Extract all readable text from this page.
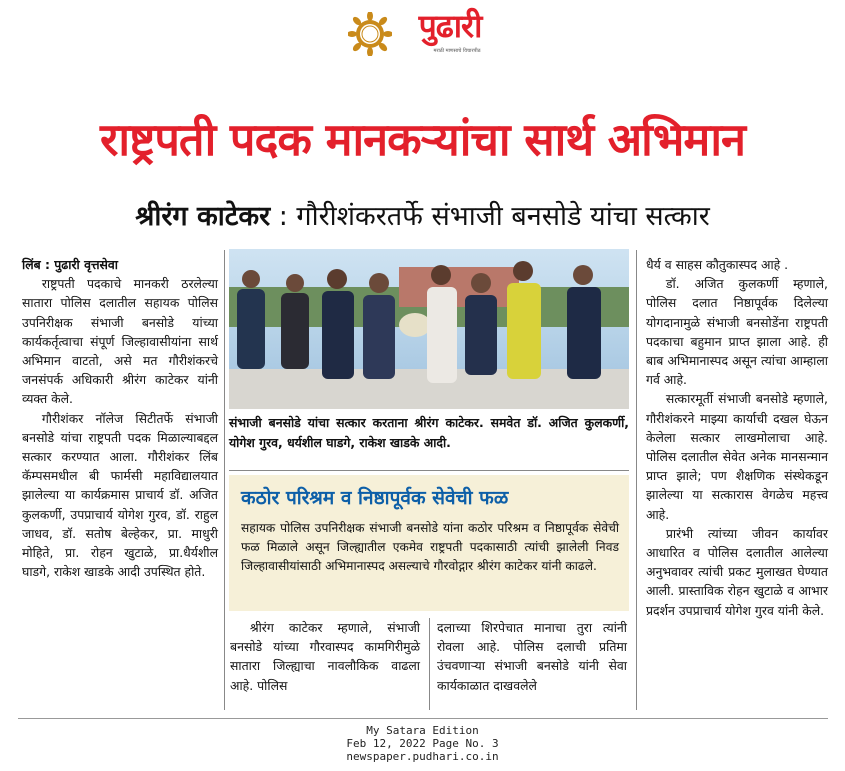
पुढारी
मराठी माणसाचे विचारपीठ
राष्ट्रपती पदक मानकऱ्यांचा सार्थ अभिमान
श्रीरंग काटेकर : गौरीशंकरतर्फे संभाजी बनसोडे यांचा सत्कार

लिंब : पुढारी वृत्तसेवा

राष्ट्रपती पदकाचे मानकरी ठरलेल्या सातारा पोलिस दलातील सहायक पोलिस उपनिरीक्षक संभाजी बनसोडे यांच्या कार्यकर्तृत्वाचा संपूर्ण जिल्हावासीयांना सार्थ अभिमान वाटतो, असे मत गौरीशंकरचे जनसंपर्क अधिकारी श्रीरंग काटेकर यांनी व्यक्त केले.

गौरीशंकर नॉलेज सिटीतर्फे संभाजी बनसोडे यांचा राष्ट्रपती पदक मिळाल्याबद्दल सत्कार करण्यात आला. गौरीशंकर लिंब कॅम्पसमधील बी फार्मसी महाविद्यालयात झालेल्या या कार्यक्रमास प्राचार्य डॉ. अजित कुलकर्णी, उपप्राचार्य योगेश गुरव, डॉ. राहुल जाधव, डॉ. सतोष बेल्हेकर, प्रा. माधुरी मोहिते, प्रा. रोहन खुटाळे, प्रा.धैर्यशील घाडगे, राकेश खाडके आदी उपस्थित होते.

संभाजी बनसोडे यांचा सत्कार करताना श्रीरंग काटेकर. समवेत डॉ. अजित कुलकर्णी, योगेश गुरव, धर्यशील घाडगे, राकेश खाडके आदी.
कठोर परिश्रम व निष्ठापूर्वक सेवेची फळ
सहायक पोलिस उपनिरीक्षक संभाजी बनसोडे यांना कठोर परिश्रम व निष्ठापूर्वक सेवेची फळ मिळाले असून जिल्ह्यातील एकमेव राष्ट्रपती पदकासाठी त्यांची झालेली निवड जिल्हावासीयांसाठी अभिमानास्पद असल्याचे गौरवोद्गार श्रीरंग काटेकर यांनी काढले.

श्रीरंग काटेकर म्हणाले, संभाजी बनसोडे यांच्या गौरवास्पद कामगिरीमुळे सातारा जिल्ह्याचा नावलौकिक वाढला आहे. पोलिस

दलाच्या शिरपेचात मानाचा तुरा त्यांनी रोवला आहे. पोलिस दलाची प्रतिमा उंचवणाऱ्या संभाजी बनसोडे यांनी सेवा कार्यकाळात दाखवलेले

धैर्य व साहस कौतुकास्पद आहे .

डॉ. अजित कुलकर्णी म्हणाले, पोलिस दलात निष्ठापूर्वक दिलेल्या योगदानामुळे संभाजी बनसोडेंना राष्ट्रपती पदकाचा बहुमान प्राप्त झाला आहे. ही बाब अभिमानास्पद असून त्यांचा आम्हाला गर्व आहे.

सत्कारमूर्ती संभाजी बनसोडे म्हणाले, गौरीशंकरने माझ्या कार्याची दखल घेऊन केलेला सत्कार लाखमोलाचा आहे. पोलिस दलातील सेवेत अनेक मानसन्मान प्राप्त झाले; पण शैक्षणिक संस्थेकडून झालेल्या या सत्कारास वेगळेच महत्त्व आहे.

प्रारंभी त्यांच्या जीवन कार्यावर आधारित व पोलिस दलातील आलेल्या अनुभवावर त्यांची प्रकट मुलाखत घेण्यात आली. प्रास्ताविक रोहन खुटाळे व आभार प्रदर्शन उपप्राचार्य योगेश गुरव यांनी केले.

My Satara Edition
Feb 12, 2022 Page No. 3
newspaper.pudhari.co.in
